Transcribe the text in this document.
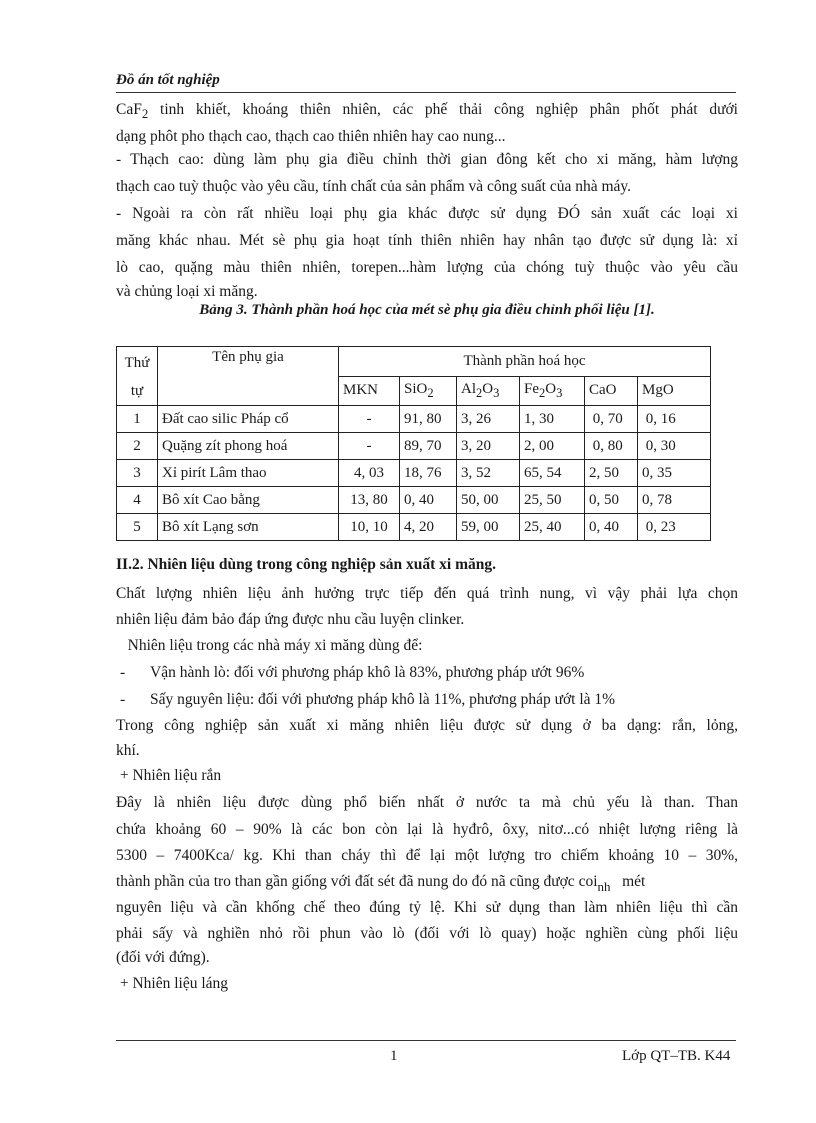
Đồ án tốt nghiệp
CaF$_2$ tinh khiết, khoáng thiên nhiên, các phế thải công nghiệp phân phốt phát dưới
dạng phôt pho thạch cao, thạch cao thiên nhiên hay cao nung...
- Thạch cao: dùng làm phụ gia điều chỉnh thời gian đông kết cho xi măng, hàm lượng
thạch cao tuỳ thuộc vào yêu cầu, tính chất của sản phẩm và công suất của nhà máy.
- Ngoài ra còn rất nhiều loại phụ gia khác được sử dụng ĐÓ sản xuất các loại xi
măng khác nhau. Mét sè phụ gia hoạt tính thiên nhiên hay nhân tạo được sử dụng là: xỉ
lò cao, quặng màu thiên nhiên, torepen...hàm lượng của chóng tuỳ thuộc vào yêu cầu
và chủng loại xi măng.
Bảng 3. Thành phần hoá học của mét sè phụ gia điều chỉnh phối liệu [1].
Thứ
tự	Tên phụ gia	Thành phần hoá học					
		MKN	SiO$_2$	$Al_2O_3$	$Fe_2O_3$	CaO	MgO
1	Đất cao silic Pháp cổ	-	91, 80	3, 26	1, 30	0, 70	0, 16
2	Quặng zít phong hoá	-	89, 70	3, 20	2, 00	0, 80	0, 30
3	Xỉ pirít Lâm thao	4, 03	18, 76	3, 52	65, 54	2, 50	0, 35
4	Bô xít Cao bằng	13, 80	0, 40	50, 00	25, 50	0, 50	0, 78
5	Bô xít Lạng sơn	10, 10	4, 20	59, 00	25, 40	0, 40	0, 23
II.2. Nhiên liệu dùng trong công nghiệp sản xuất xi măng.
Chất lượng nhiên liệu ảnh hưởng trực tiếp đến quá trình nung, vì vậy phải lựa chọn
nhiên liệu đảm bảo đáp ứng được nhu cầu luyện clinker.
Nhiên liệu trong các nhà máy xi măng dùng để:
- Vận hành lò: đối với phương pháp khô là 83%, phương pháp ướt 96%
- Sấy nguyên liệu: đối với phương pháp khô là 11%, phương pháp ướt là 1%
Trong công nghiệp sản xuất xi măng nhiên liệu được sử dụng ở ba dạng: rắn, lỏng,
khí.
+ Nhiên liệu rắn
Đây là nhiên liệu được dùng phổ biến nhất ở nước ta mà chủ yếu là than. Than
chứa khoảng 60 – 90% là các bon còn lại là hyđrô, ôxy, nitơ...có nhiệt lượng riêng là
5300 – 7400Kca/ kg. Khi than cháy thì để lại một lượng tro chiếm khoảng 10 – 30%,
thành phần của tro than gần giống với đất sét đã nung do đó nã cũng được coi$_{nh}$   mét
nguyên liệu và cần khống chế theo đúng tỷ lệ. Khi sử dụng than làm nhiên liệu thì cần
phải sấy và nghiền nhỏ rồi phun vào lò (đối với lò quay) hoặc nghiền cùng phối liệu
(đối với đứng).
+ Nhiên liệu láng
1	Lớp QT–TB. K44
